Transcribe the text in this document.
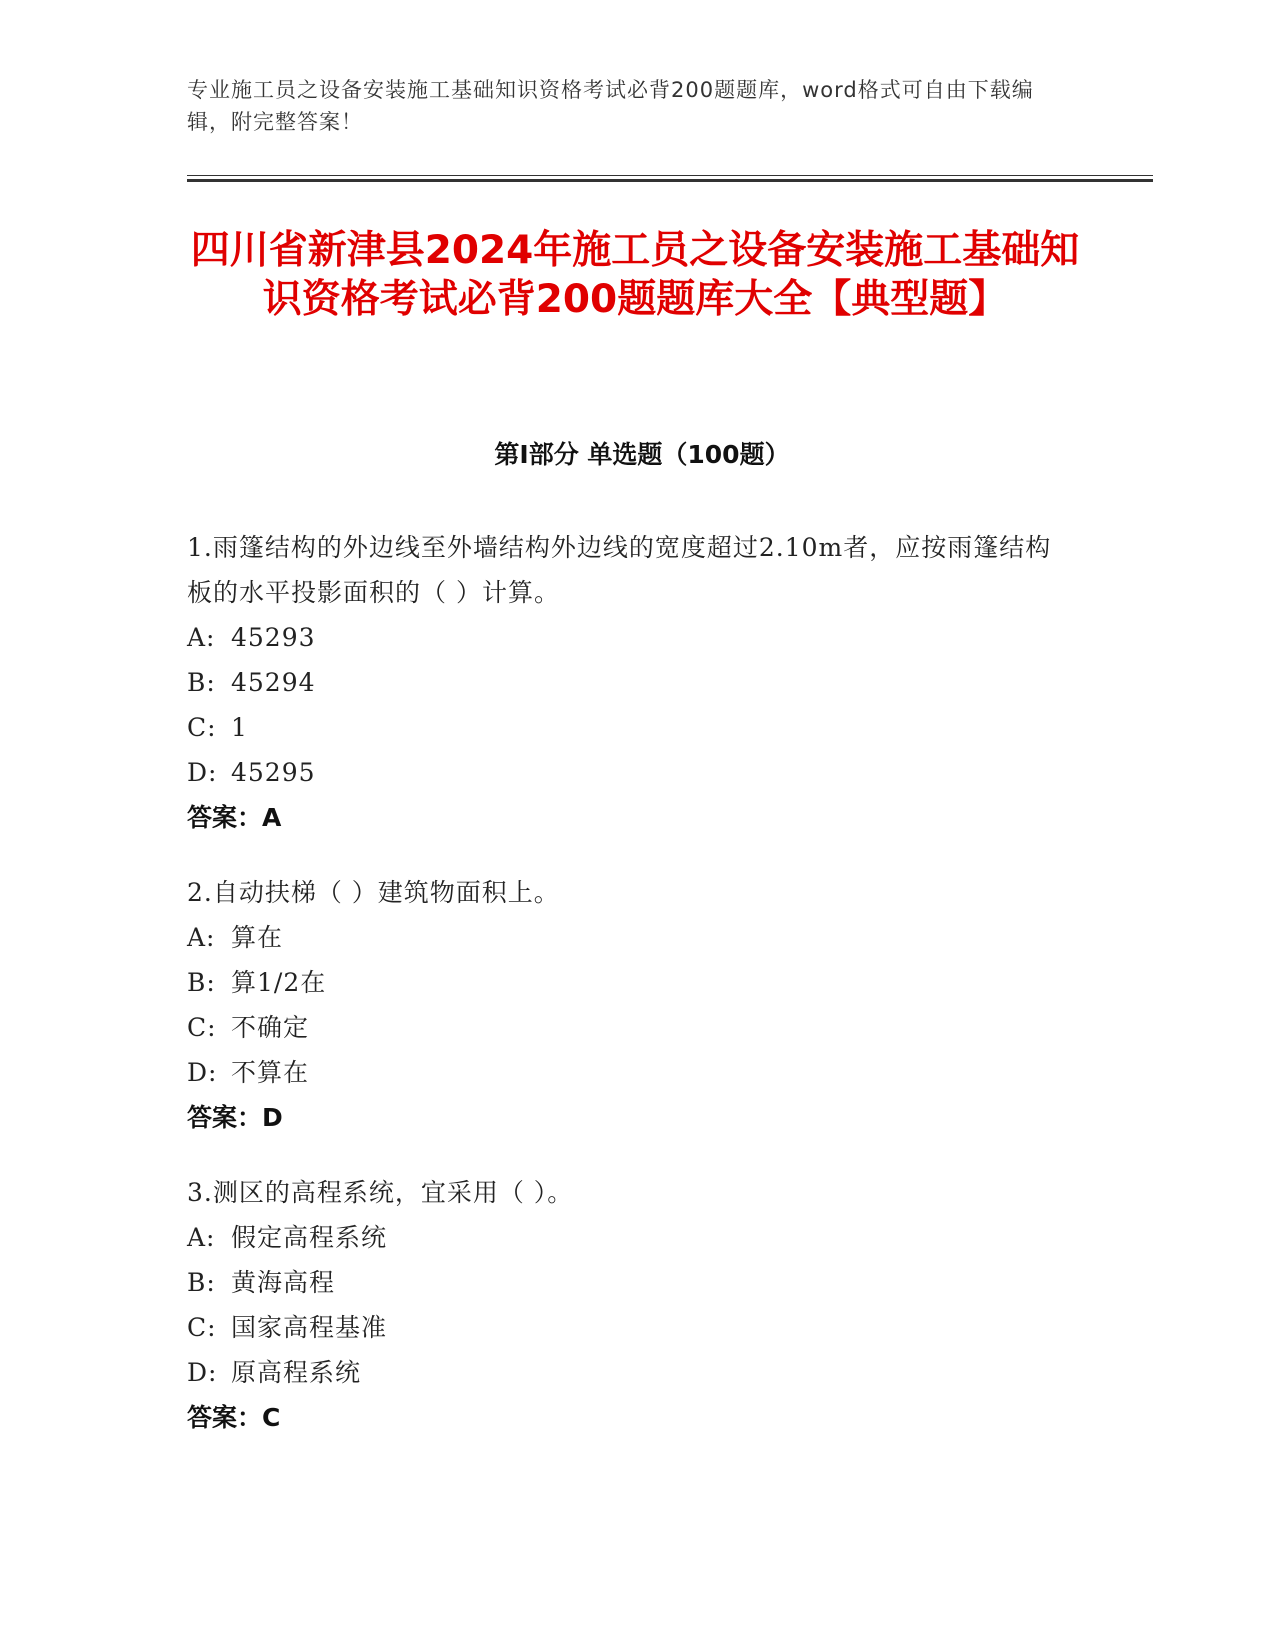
专业施工员之设备安装施工基础知识资格考试必背200题题库，word格式可自由下载编辑，附完整答案！
四川省新津县2024年施工员之设备安装施工基础知识资格考试必背200题题库大全【典型题】
第Ⅰ部分 单选题（100题）
1.雨篷结构的外边线至外墙结构外边线的宽度超过2.10m者，应按雨篷结构板的水平投影面积的（ ）计算。
A: 45293
B: 45294
C: 1
D: 45295
答案：A
2.自动扶梯（ ）建筑物面积上。
A: 算在
B: 算1/2在
C: 不确定
D: 不算在
答案：D
3.测区的高程系统，宜采用（ ）。
A: 假定高程系统
B: 黄海高程
C: 国家高程基准
D: 原高程系统
答案：C
